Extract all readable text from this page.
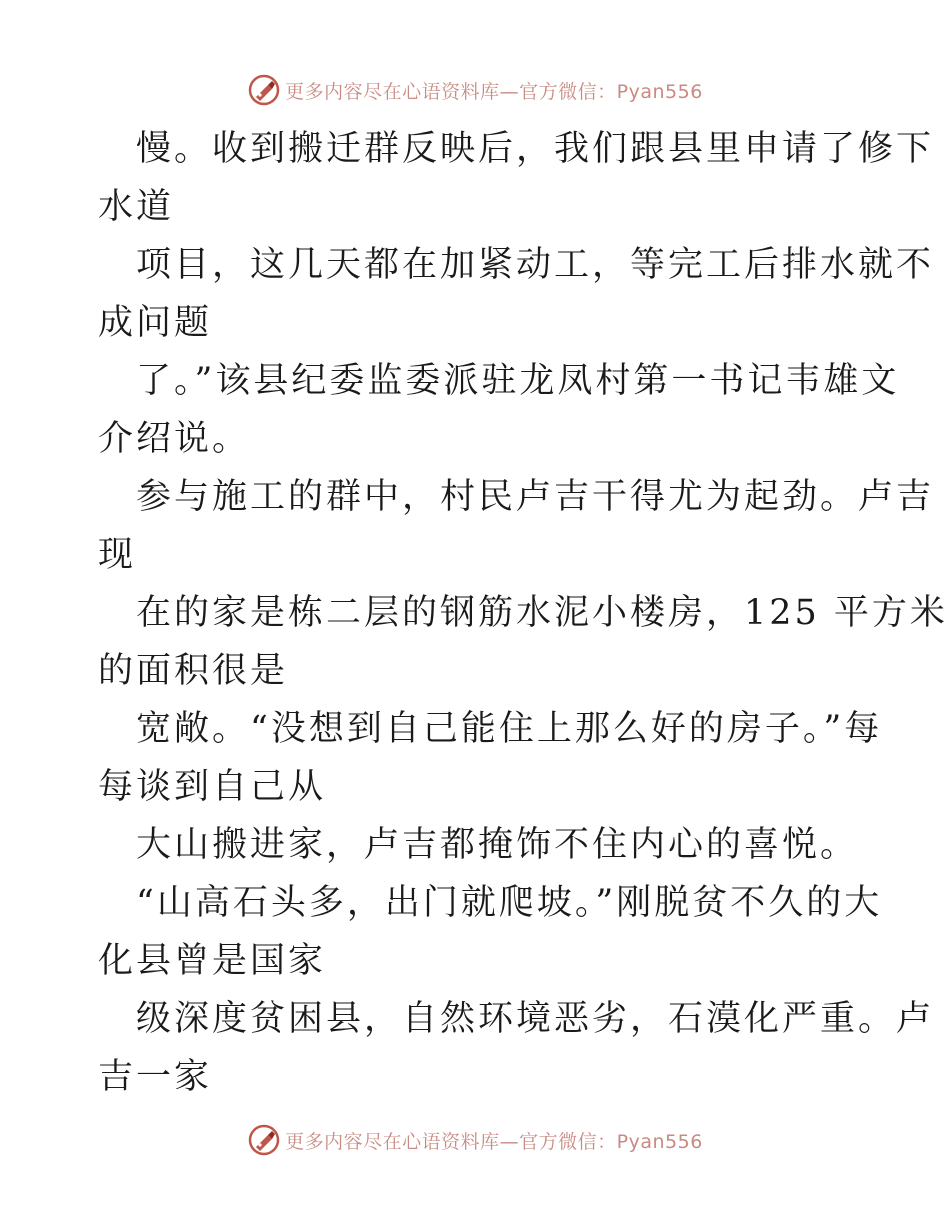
更多内容尽在心语资料库—官方微信：Pyan556
慢。收到搬迁群反映后，我们跟县里申请了修下
水道
项目，这几天都在加紧动工，等完工后排水就不
成问题
了。”该县纪委监委派驻龙凤村第一书记韦雄文
介绍说。
参与施工的群中，村民卢吉干得尤为起劲。卢吉
现
在的家是栋二层的钢筋水泥小楼房，125 平方米
的面积很是
宽敞。“没想到自己能住上那么好的房子。”每
每谈到自己从
大山搬进家，卢吉都掩饰不住内心的喜悦。
“山高石头多，出门就爬坡。”刚脱贫不久的大
化县曾是国家
级深度贫困县，自然环境恶劣，石漠化严重。卢
吉一家
更多内容尽在心语资料库—官方微信：Pyan556
